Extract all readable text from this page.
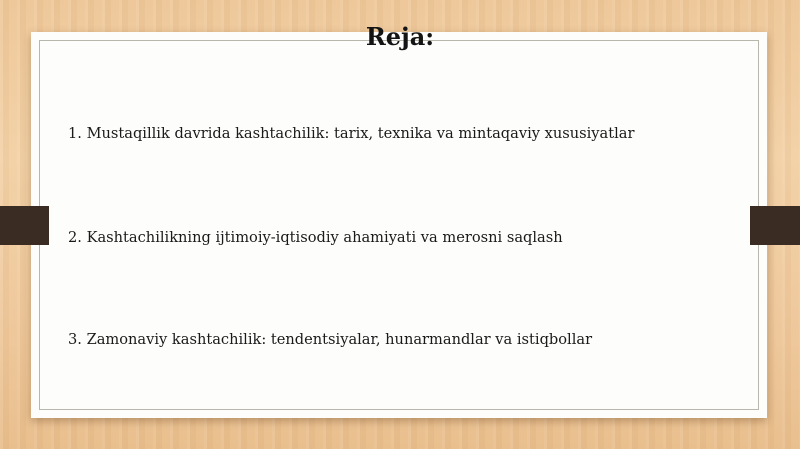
Reja:
1. Mustaqillik davrida kashtachilik: tarix, texnika va mintaqaviy xususiyatlar
2. Kashtachilikning ijtimoiy-iqtisodiy ahamiyati va merosni saqlash
3. Zamonaviy kashtachilik: tendentsiyalar, hunarmandlar va istiqbollar
